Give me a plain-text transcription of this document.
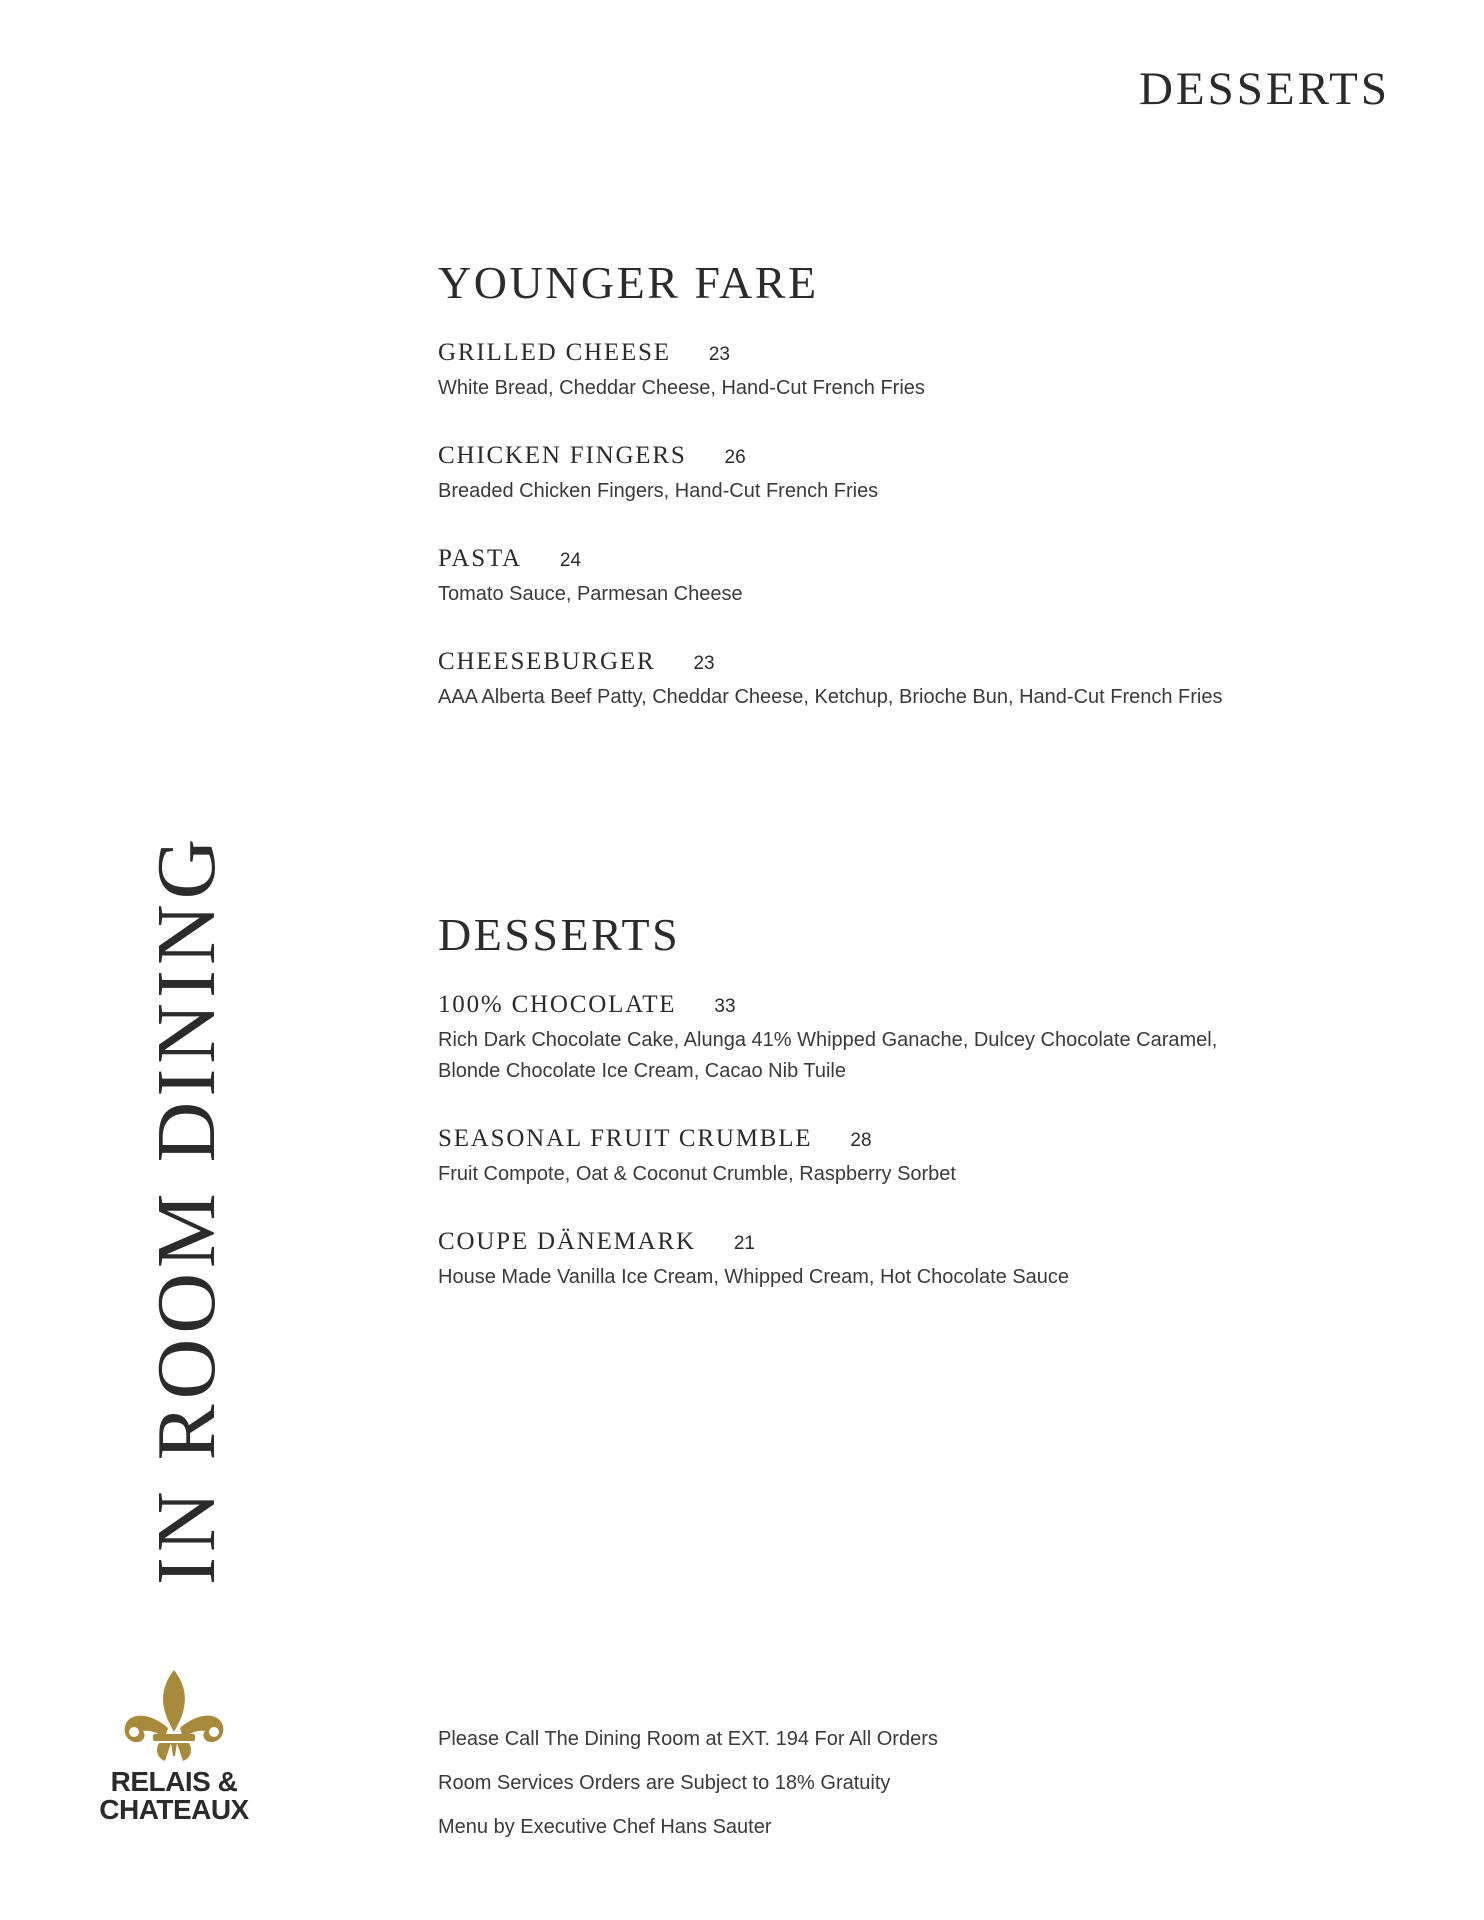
DESSERTS
IN ROOM DINING
YOUNGER FARE
GRILLED CHEESE 23
White Bread, Cheddar Cheese, Hand-Cut French Fries
CHICKEN FINGERS 26
Breaded Chicken Fingers, Hand-Cut French Fries
PASTA 24
Tomato Sauce, Parmesan Cheese
CHEESEBURGER 23
AAA Alberta Beef Patty, Cheddar Cheese, Ketchup, Brioche Bun, Hand-Cut French Fries
DESSERTS
100% CHOCOLATE 33
Rich Dark Chocolate Cake, Alunga 41% Whipped Ganache, Dulcey Chocolate Caramel, Blonde Chocolate Ice Cream, Cacao Nib Tuile
SEASONAL FRUIT CRUMBLE 28
Fruit Compote, Oat & Coconut Crumble, Raspberry Sorbet
COUPE DÄNEMARK 21
House Made Vanilla Ice Cream, Whipped Cream, Hot Chocolate Sauce
RELAIS &
CHATEAUX
Please Call The Dining Room at EXT. 194 For All Orders
Room Services Orders are Subject to 18% Gratuity
Menu by Executive Chef Hans Sauter
